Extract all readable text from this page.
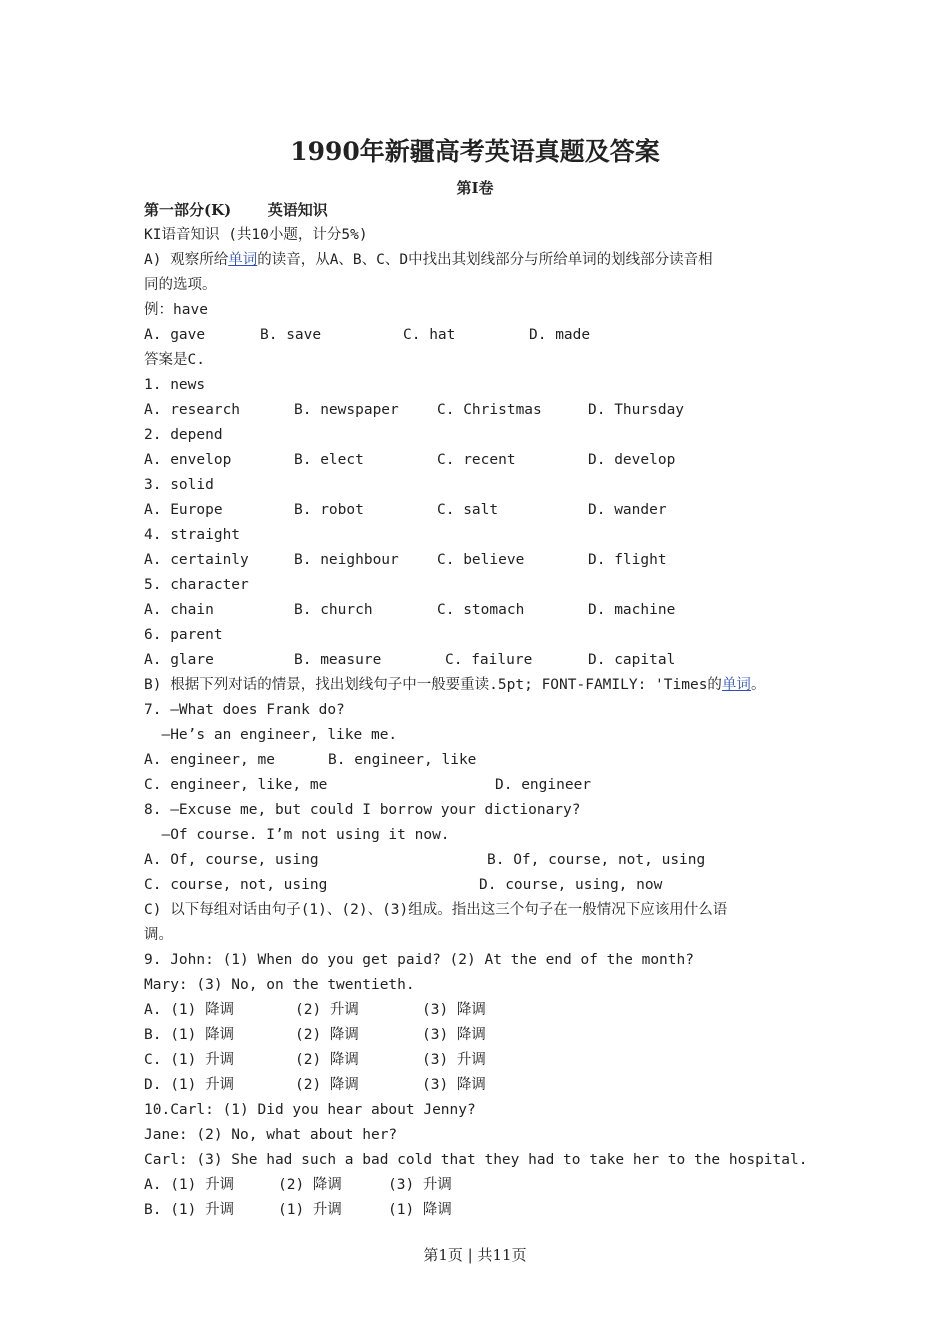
1990年新疆高考英语真题及答案
第I卷
第一部分(K) 英语知识
KI语音知识 (共10小题，计分5%)
A) 观察所给单词的读音，从A、B、C、D中找出其划线部分与所给单词的划线部分读音相
同的选项。
例：have
A. gave	B. save	C. hat	D. made
答案是C.
1. news
A. research	B. newspaper	C. Christmas	D. Thursday
2. depend
A. envelop	B. elect	C. recent	D. develop
3. solid
A. Europe	B. robot	C. salt	D. wander
4. straight
A. certainly	B. neighbour	C. believe	D. flight
5. character
A. chain	B. church	C. stomach	D. machine
6. parent
A. glare	B. measure	C. failure	D. capital
B) 根据下列对话的情景，找出划线句子中一般要重读.5pt; FONT-FAMILY: 'Times的单词。
7. —What does Frank do?
—He’s an engineer, like me.
A. engineer, me	B. engineer, like
C. engineer, like, me	D. engineer
8. —Excuse me, but could I borrow your dictionary?
—Of course. I’m not using it now.
A. Of, course, using	B. Of, course, not, using
C. course, not, using	D. course, using, now
C) 以下每组对话由句子(1)、(2)、(3)组成。指出这三个句子在一般情况下应该用什么语
调。
9. John: (1) When do you get paid? (2) At the end of the month?
Mary: (3) No, on the twentieth.
A. (1) 降调	(2) 升调	(3) 降调
B. (1) 降调	(2) 降调	(3) 降调
C. (1) 升调	(2) 降调	(3) 升调
D. (1) 升调	(2) 降调	(3) 降调
10.Carl: (1) Did you hear about Jenny?
Jane: (2) No, what about her?
Carl: (3) She had such a bad cold that they had to take her to the hospital.
A. (1) 升调	(2) 降调	(3) 升调
B. (1) 升调	(1) 升调	(1) 降调
第1页 | 共11页
